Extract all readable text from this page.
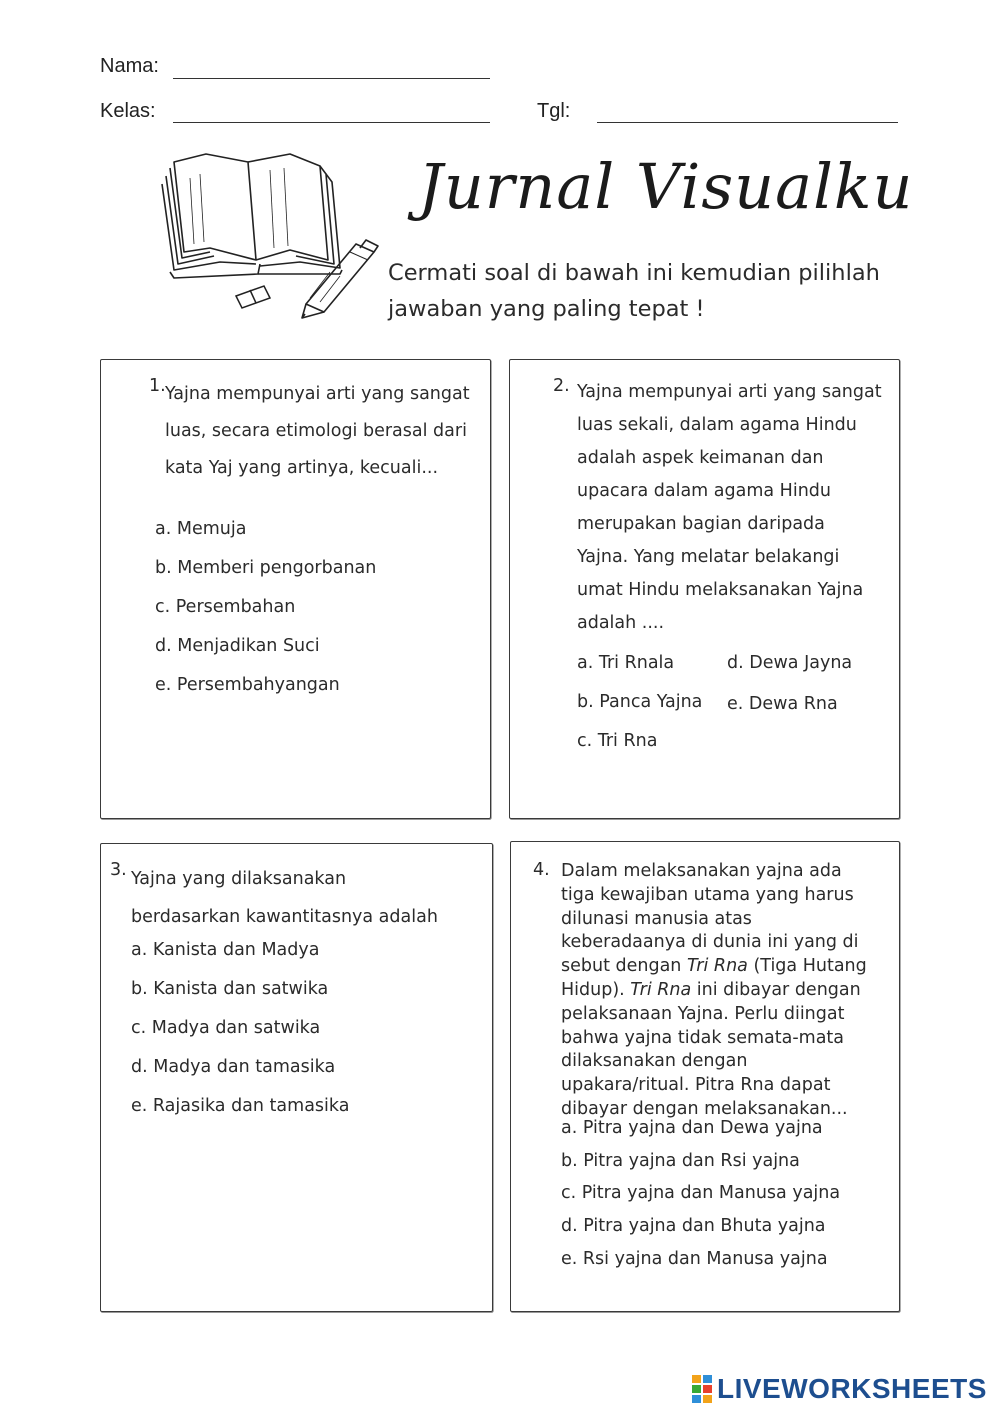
Nama:
Kelas:	Tgl:
Jurnal Visualku
Cermati soal di bawah ini kemudian pilihlah
jawaban yang paling tepat !
1. Yajna mempunyai arti yang sangat
luas, secara etimologi berasal dari
kata Yaj yang artinya, kecuali...
a. Memuja
b. Memberi pengorbanan
c. Persembahan
d. Menjadikan Suci
e. Persembahyangan
2. Yajna mempunyai arti yang sangat
luas sekali, dalam agama Hindu
adalah aspek keimanan dan
upacara dalam agama Hindu
merupakan bagian daripada
Yajna. Yang melatar belakangi
umat Hindu melaksanakan Yajna
adalah ....
a. Tri Rnala
b. Panca Yajna
c. Tri Rna
d. Dewa Jayna
e. Dewa Rna
3. Yajna yang dilaksanakan
berdasarkan kawantitasnya adalah
a. Kanista dan Madya
b. Kanista dan satwika
c. Madya dan satwika
d. Madya dan tamasika
e. Rajasika dan tamasika
4. Dalam melaksanakan yajna ada
tiga kewajiban utama yang harus
dilunasi manusia atas
keberadaanya di dunia ini yang di
sebut dengan Tri Rna (Tiga Hutang
Hidup). Tri Rna ini dibayar dengan
pelaksanaan Yajna. Perlu diingat
bahwa yajna tidak semata-mata
dilaksanakan dengan
upakara/ritual. Pitra Rna dapat
dibayar dengan melaksanakan...
a. Pitra yajna dan Dewa yajna
b. Pitra yajna dan Rsi yajna
c. Pitra yajna dan Manusa yajna
d. Pitra yajna dan Bhuta yajna
e. Rsi yajna dan Manusa yajna
LIVEWORKSHEETS
